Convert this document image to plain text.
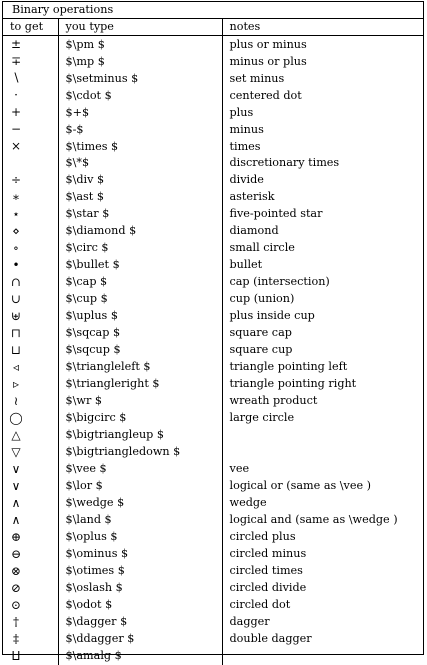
Binary operations
to get	you type	notes
±	$\pm $	plus or minus
∓	$\mp $	minus or plus
∖	$\setminus $	set minus
·	$\cdot $	centered dot
+	$+$	plus
−	$-$	minus
×	$\times $	times
	$\*$	discretionary times
÷	$\div $	divide
∗	$\ast $	asterisk
⋆	$\star $	five-pointed star
⋄	$\diamond $	diamond
∘	$\circ $	small circle
•	$\bullet $	bullet
∩	$\cap $	cap (intersection)
∪	$\cup $	cup (union)
⊎	$\uplus $	plus inside cup
⊓	$\sqcap $	square cap
⊔	$\sqcup $	square cup
◃	$\triangleleft $	triangle pointing left
▹	$\triangleright $	triangle pointing right
≀	$\wr $	wreath product
◯	$\bigcirc $	large circle
△	$\bigtriangleup $	
▽	$\bigtriangledown $	
∨	$\vee $	vee
∨	$\lor $	logical or (same as \vee )
∧	$\wedge $	wedge
∧	$\land $	logical and (same as \wedge )
⊕	$\oplus $	circled plus
⊖	$\ominus $	circled minus
⊗	$\otimes $	circled times
⊘	$\oslash $	circled divide
⊙	$\odot $	circled dot
†	$\dagger $	dagger
‡	$\ddagger $	double dagger
⨿	$\amalg $	
